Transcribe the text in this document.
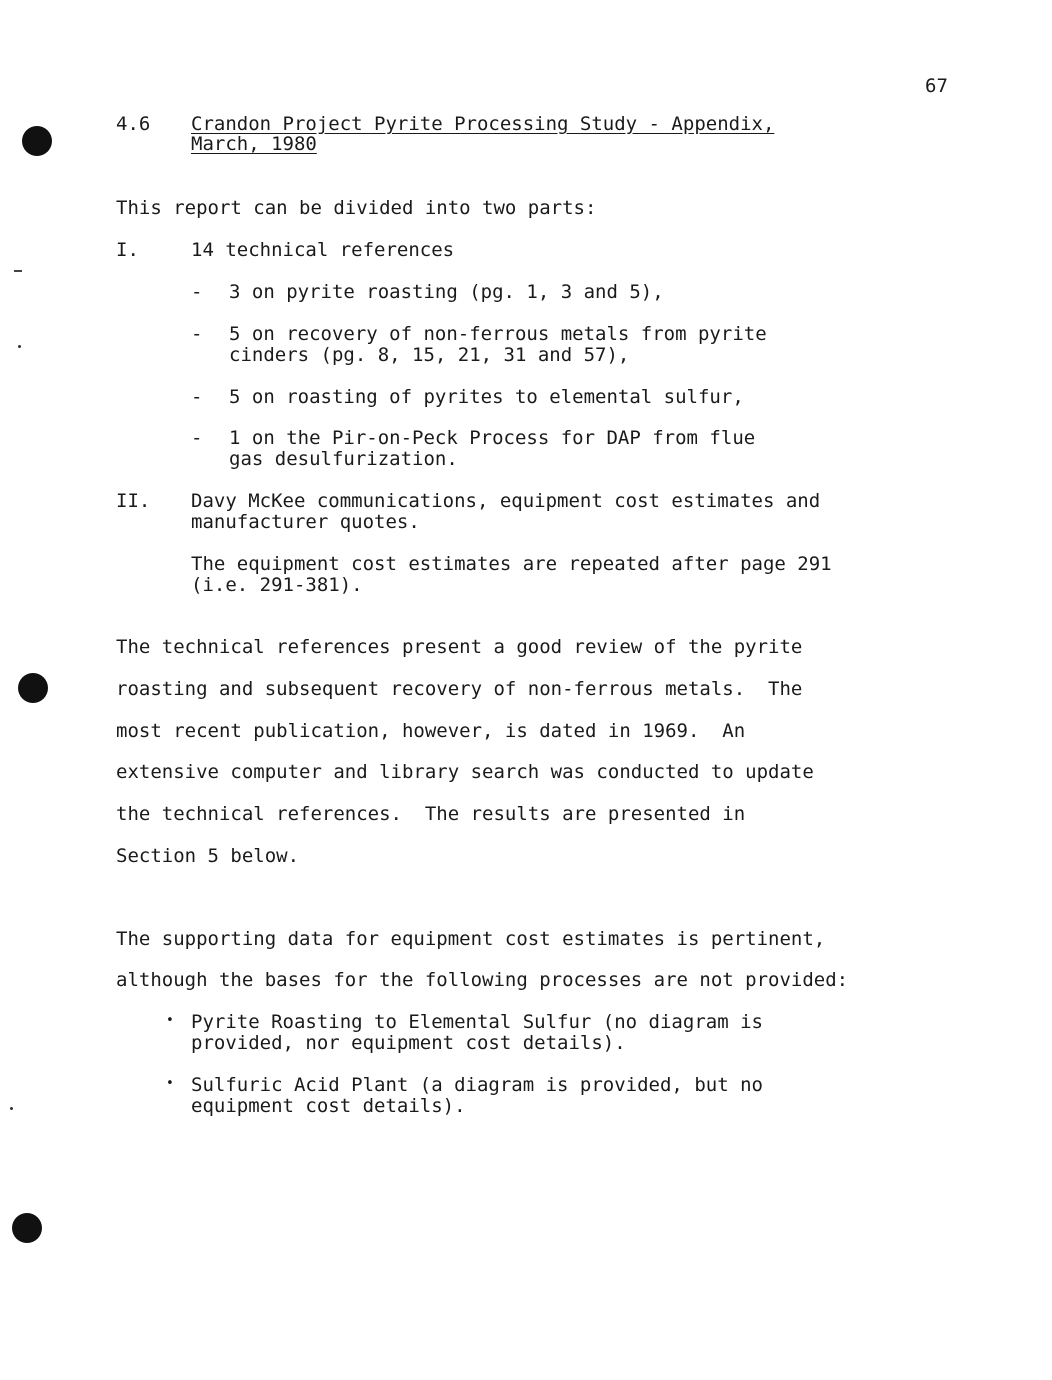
67
4.6 Crandon Project Pyrite Processing Study - Appendix,
March, 1980
This report can be divided into two parts:
I.	14 technical references
- 3 on pyrite roasting (pg. 1, 3 and 5),
- 5 on recovery of non-ferrous metals from pyrite
cinders (pg. 8, 15, 21, 31 and 57),
- 5 on roasting of pyrites to elemental sulfur,
- 1 on the Pir-on-Peck Process for DAP from flue
gas desulfurization.
II. Davy McKee communications, equipment cost estimates and
manufacturer quotes.
The equipment cost estimates are repeated after page 291
(i.e. 291-381).
The technical references present a good review of the pyrite
roasting and subsequent recovery of non-ferrous metals.  The
most recent publication, however, is dated in 1969.  An
extensive computer and library search was conducted to update
the technical references.  The results are presented in
Section 5 below.
The supporting data for equipment cost estimates is pertinent,
although the bases for the following processes are not provided:
• Pyrite Roasting to Elemental Sulfur (no diagram is
provided, nor equipment cost details).
• Sulfuric Acid Plant (a diagram is provided, but no
equipment cost details).
